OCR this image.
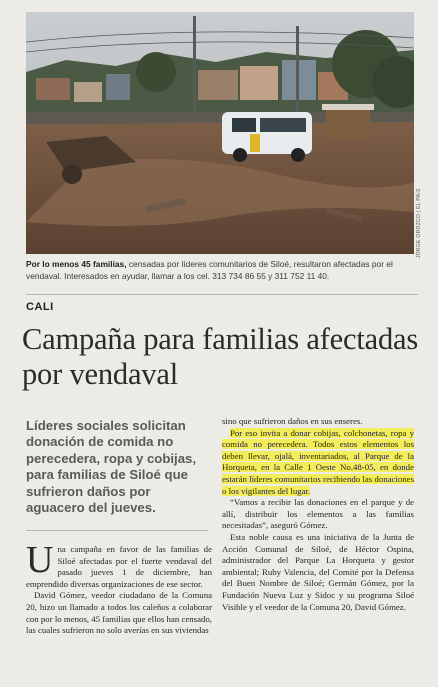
JORGE OROZCO | EL PAÍS
Por lo menos 45 familias, censadas por líderes comunitarios de Siloé, resultaron afectadas por el vendaval. Interesados en ayudar, llamar a los cel. 313 734 86 55 y 311 752 11 40.
CALI
Campaña para familias afectadas por vendaval
Líderes sociales solicitan donación de comida no perecedera, ropa y cobijas, para familias de Siloé que sufrieron daños por aguacero del jueves.

Una campaña en favor de las familias de Siloé afectadas por el fuerte vendaval del pasado jueves 1 de diciembre, han emprendido diversas organizaciones de ese sector.

David Gómez, veedor ciudadano de la Comuna 20, hizo un llamado a todos los caleños a colaborar con por lo menos, 45 familias que ellos han censado, las cuales sufrieron no solo averías en sus viviendas

sino que sufrieron daños en sus enseres.

Por eso invita a donar cobijas, colchonetas, ropa y comida no perecedera. Todos estos elementos los deben llevar, ojalá, inventariados, al Parque de la Horqueta, en la Calle 1 Oeste No.48-05, en donde estarán líderes comunitarios recibiendo las donaciones o los vigilantes del lugar.

“Vamos a recibir las donaciones en el parque y de allí, distribuir los elementos a las familias necesitadas”, aseguró Gómez.

Esta noble causa es una iniciativa de la Junta de Acción Comunal de Siloé, de Héctor Ospina, administrador del Parque La Horqueta y gestor ambiental; Ruby Valencia, del Comité por la Defensa del Buen Nombre de Siloé; Germán Gómez, por la Fundación Nueva Luz y Sidoc y su programa Siloé Visible y el veedor de la Comuna 20, David Gómez.
